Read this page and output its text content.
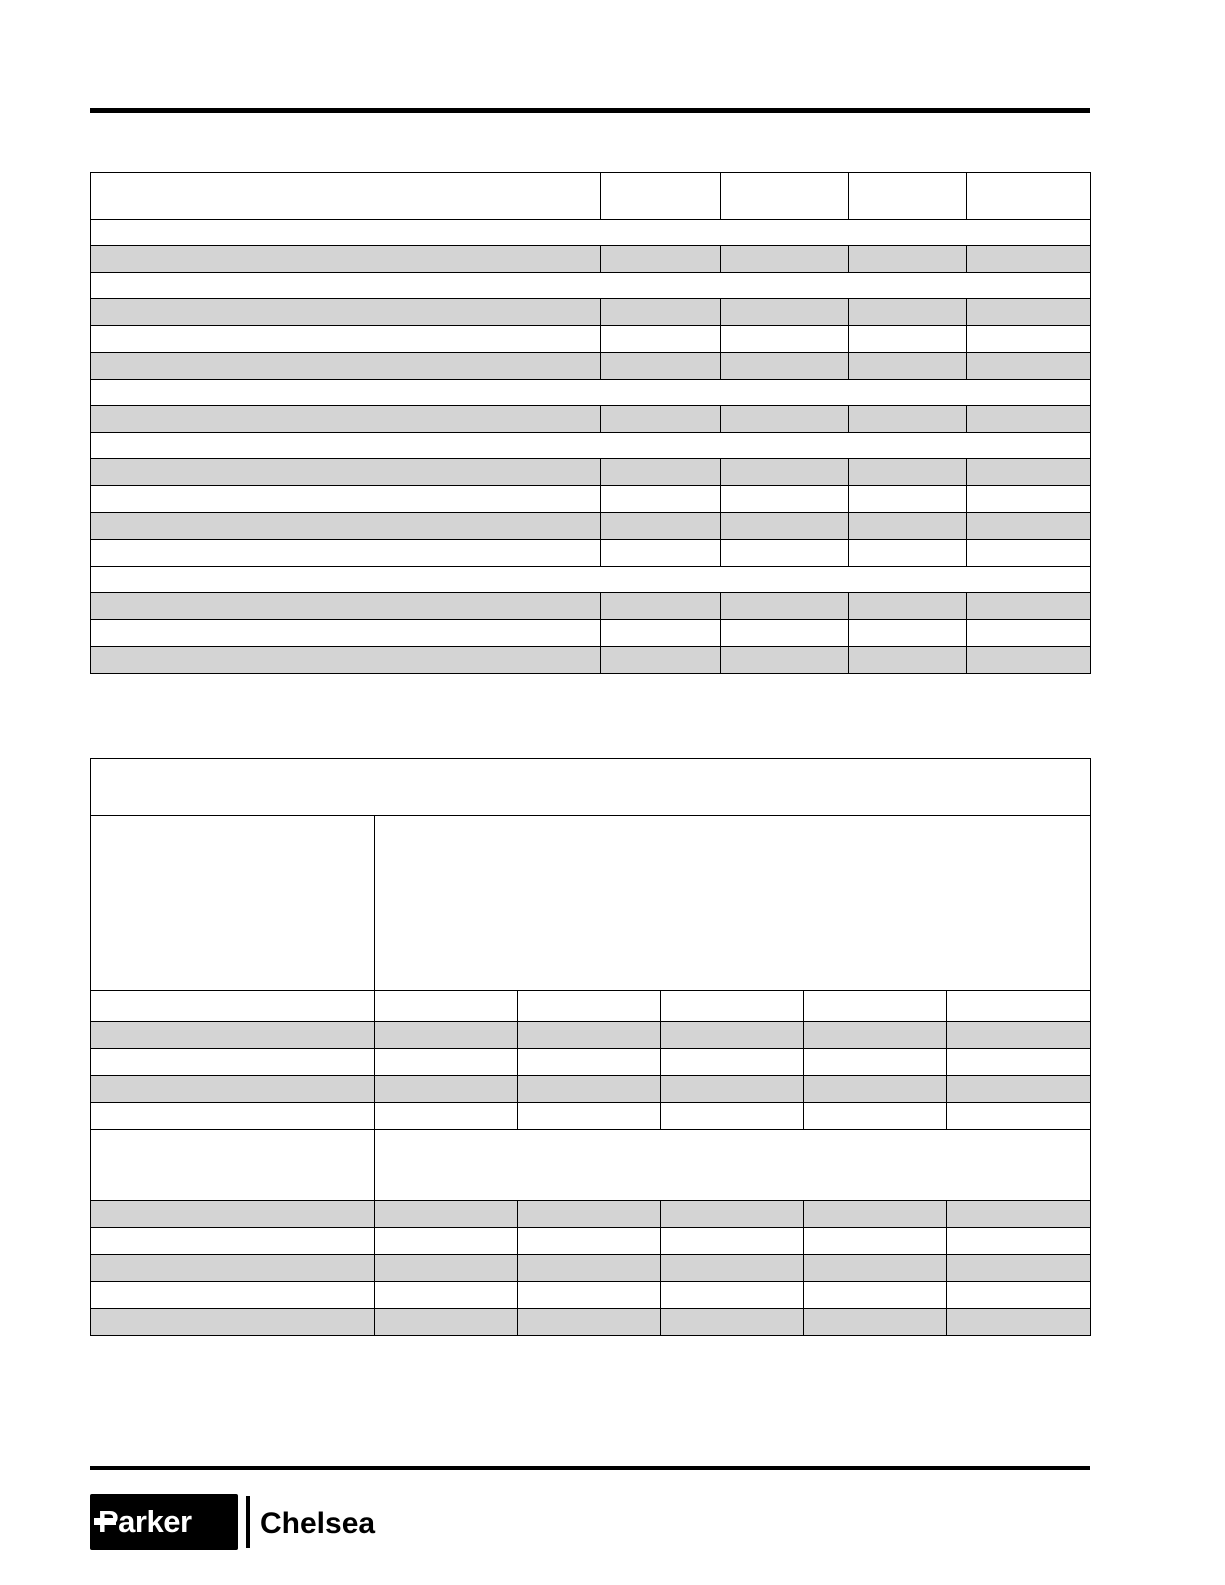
Parker	Chelsea
